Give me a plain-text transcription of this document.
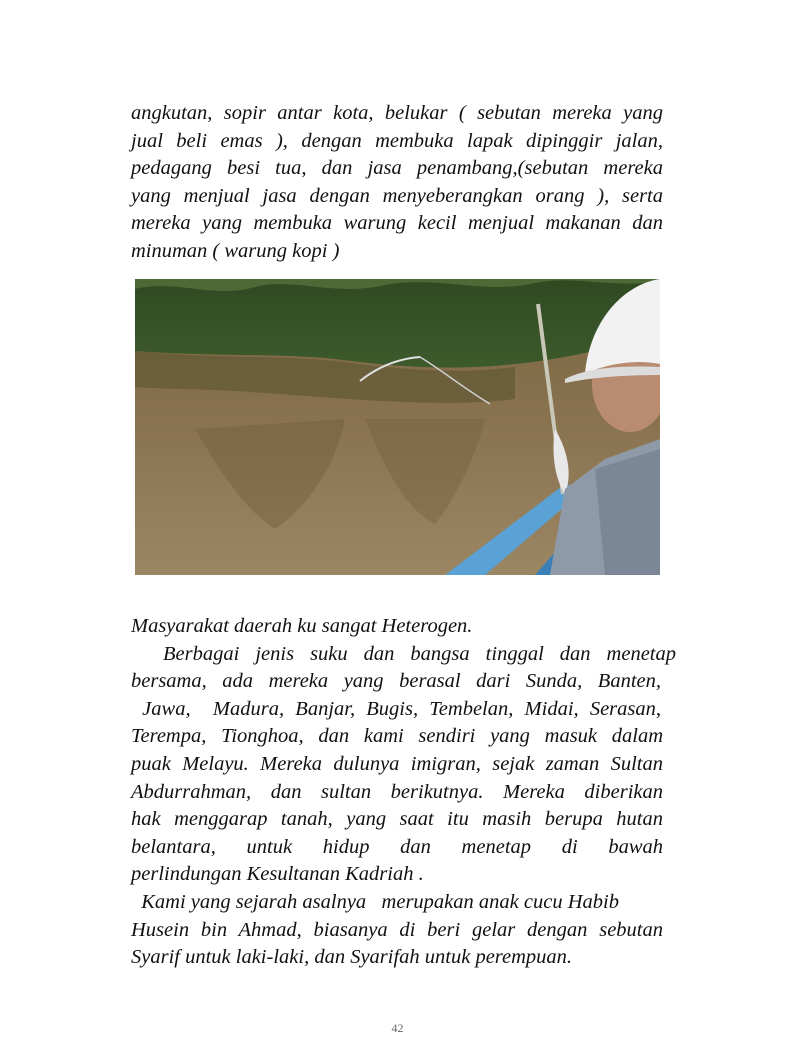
angkutan, sopir antar kota, belukar ( sebutan mereka yang
jual beli emas ), dengan membuka lapak dipinggir jalan,
pedagang besi tua, dan jasa penambang,(sebutan mereka
yang menjual jasa dengan menyeberangkan orang ), serta
mereka yang membuka warung kecil menjual makanan dan
minuman ( warung kopi )
Masyarakat daerah ku sangat Heterogen.
Berbagai jenis suku dan bangsa tinggal dan menetap
bersama, ada mereka yang berasal dari Sunda, Banten,
Jawa,  Madura, Banjar, Bugis, Tembelan, Midai, Serasan,
Terempa, Tionghoa, dan kami sendiri yang masuk dalam
puak Melayu. Mereka dulunya imigran, sejak zaman Sultan
Abdurrahman, dan sultan berikutnya. Mereka diberikan
hak menggarap tanah, yang saat itu masih berupa hutan
belantara, untuk hidup dan menetap di bawah
perlindungan Kesultanan Kadriah .
Kami yang sejarah asalnya   merupakan anak cucu Habib
Husein bin Ahmad, biasanya di beri gelar dengan sebutan
Syarif untuk laki-laki, dan Syarifah untuk perempuan.
42
